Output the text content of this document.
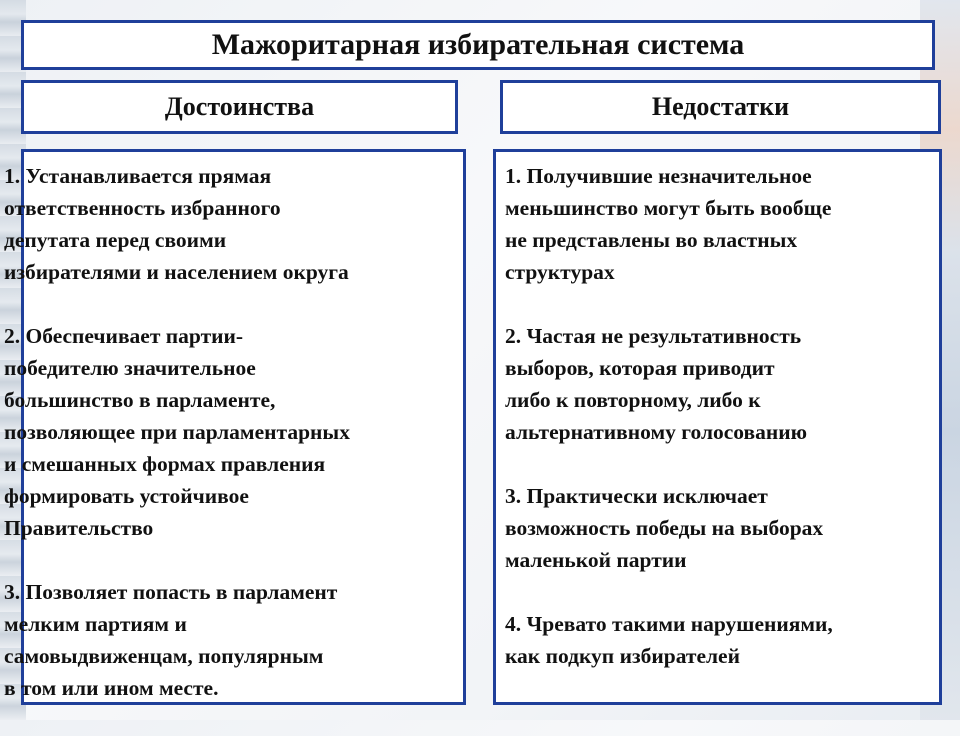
Мажоритарная избирательная система
Достоинства	Недостатки
1. Устанавливается прямая
ответственность избранного
депутата перед своими
избирателями и населением округа
2. Обеспечивает партии-
победителю значительное
большинство в парламенте,
позволяющее при парламентарных
и смешанных формах правления
формировать устойчивое
Правительство
3. Позволяет попасть в парламент
мелким партиям и
самовыдвиженцам, популярным
в том или ином месте.
1. Получившие незначительное
меньшинство могут быть вообще
не представлены во властных
структурах
2. Частая не результативность
выборов, которая приводит
либо к повторному, либо к
альтернативному голосованию
3. Практически исключает
возможность победы на выборах
маленькой партии
4. Чревато такими нарушениями,
как подкуп избирателей
